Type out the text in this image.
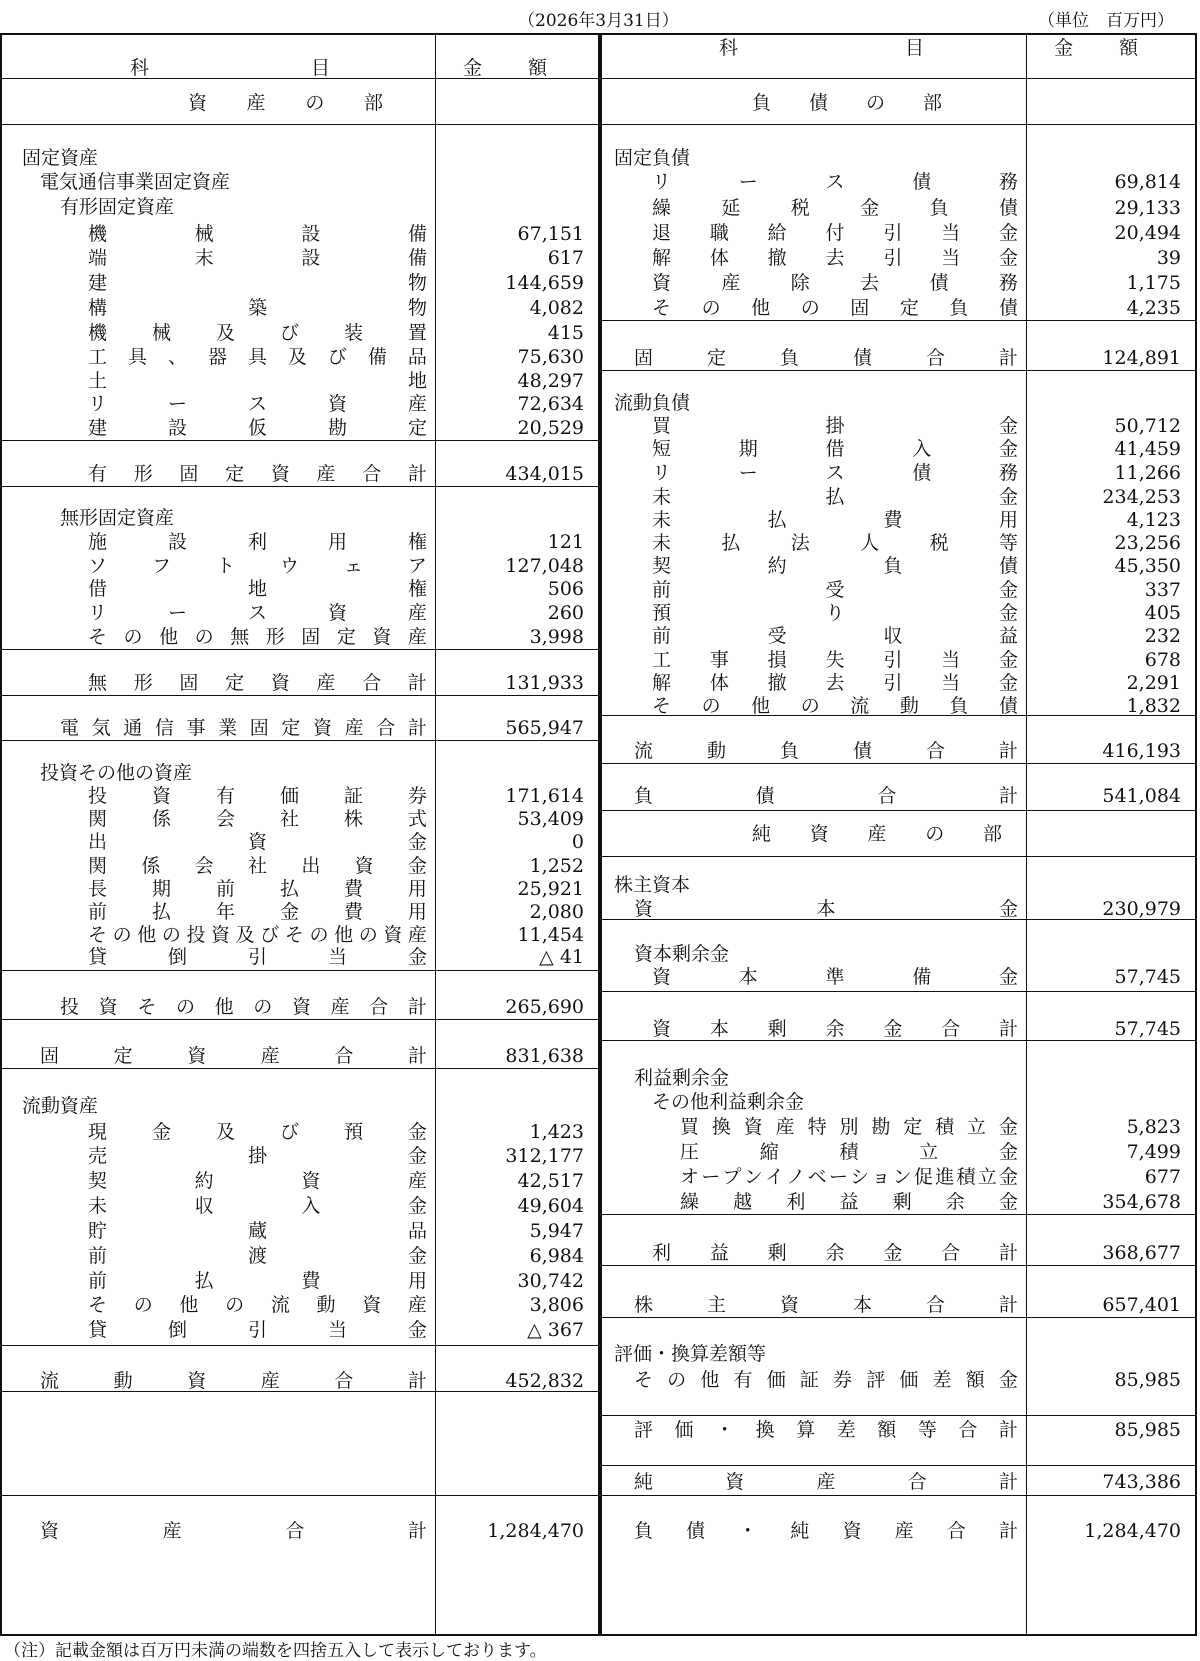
（2026年3月31日）	（単位　百万円）
科	目	金 額
固定資産
電気通信事業固定資産
有形固定資産
機	械	設	備	67,151
端	末	設	備	617
建	物	144,659
構	築	物	4,082
機 械 及 び 装 置	415
工 具 、 器 具 及 び 備 品	75,630
土	地	48,297
リ	ー	ス	資	産	72,634
建	設	仮	勘	定	20,529
有 形 固 定 資 産 合 計	434,015
無形固定資産
施	設	利	用	権	121
ソ フ ト ウ ェ ア	127,048
借	地	権	506
リ	ー	ス	資	産	260
そ の 他 の 無 形 固 定 資 産	3,998
無 形 固 定 資 産 合 計	131,933
電 気 通 信 事 業 固 定 資 産 合 計	565,947
投資その他の資産
投 資 有 価 証 券	171,614
関 係 会 社 株 式	53,409
出	資	金	0
関 係 会 社 出 資 金	1,252
長 期 前 払 費 用	25,921
前 払 年 金 費 用	2,080
そ の 他 の 投 資 及 び そ の 他 の 資 産	11,454
貸	倒	引	当	金	△ 41
投 資 そ の 他 の 資 産 合 計	265,690
固	定	資	産	合	計	831,638
流動資産
現 金 及 び 預 金	1,423
売	掛	金	312,177
契	約	資	産	42,517
未	収	入	金	49,604
貯	蔵	品	5,947
前	渡	金	6,984
前	払	費	用	30,742
そ の 他 の 流 動 資 産	3,806
貸	倒	引	当	金	△ 367
流	動	資	産	合	計	452,832
資	産	合	計	1,284,470
資 産 の 部
科	目	金 額
固定負債
リ	ー	ス	債	務	69,814
繰	延	税	金	負	債	29,133
退 職 給 付 引 当 金	20,494
解 体 撤 去 引 当 金	39
資	産	除	去	債	務	1,175
そ の 他 の 固 定 負 債	4,235
固	定	負	債	合	計	124,891
流動負債
買	掛	金	50,712
短	期	借	入	金	41,459
リ	ー	ス	債	務	11,266
未	払	金	234,253
未	払	費	用	4,123
未	払	法	人	税	等	23,256
契	約	負	債	45,350
前	受	金	337
預	り	金	405
前	受	収	益	232
工 事 損 失 引 当 金	678
解 体 撤 去 引 当 金	2,291
そ の 他 の 流 動 負 債	1,832
流	動	負	債	合	計	416,193
負	債	合	計	541,084
株主資本
資	本	金	230,979
資本剰余金
資	本	準	備	金	57,745
資 本 剰 余 金 合 計	57,745
利益剰余金
その他利益剰余金
買 換 資 産 特 別 勘 定 積 立 金	5,823
圧	縮	積	立	金	7,499
オ ー プ ン イ ノ ベ ー シ ョ ン 促 進 積 立 金	677
繰 越 利 益 剰 余 金	354,678
利 益 剰 余 金 合 計	368,677
株	主	資	本	合	計	657,401
評価・換算差額等
そ の 他 有 価 証 券 評 価 差 額 金	85,985
評 価 ・ 換 算 差 額 等 合 計	85,985
純	資	産	合	計	743,386
負 債 ・ 純 資 産 合 計	1,284,470
負 債 の 部
純 資 産 の 部
（注）記載金額は百万円未満の端数を四捨五入して表示しております。
